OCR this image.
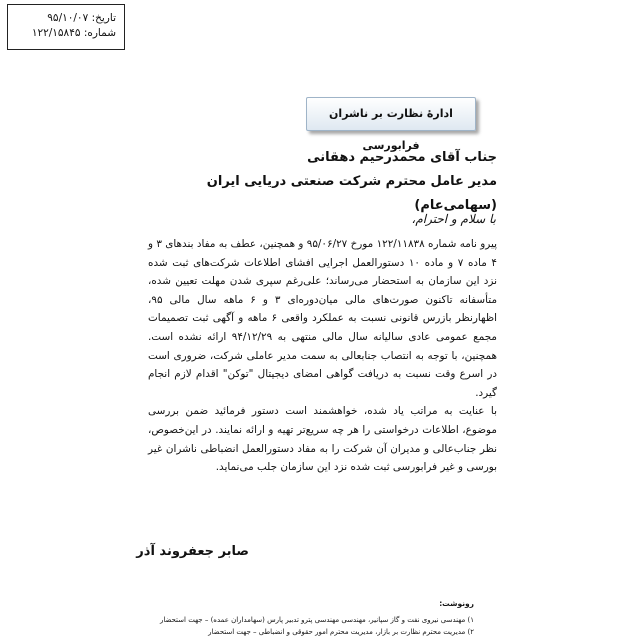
تاریخ: ۹۵/۱۰/۰۷
شماره: ۱۲۲/۱۵۸۴۵
ادارهٔ نظارت بر ناشران فرابورسی
جناب آقای محمدرحیم دهقانی
مدیر عامل محترم شرکت صنعتی دریایی ایران (سهامی‌عام)
با سلام و احترام،

پیرو نامه شماره ۱۲۲/۱۱۸۳۸ مورخ ۹۵/۰۶/۲۷ و همچنین، عطف به مفاد بندهای ۳ و ۴ ماده ۷ و ماده ۱۰ دستورالعمل اجرایی افشای اطلاعات شرکت‌های ثبت شده نزد این سازمان به استحضار می‌رساند؛ علی‌رغم سپری شدن مهلت تعیین شده، متأسفانه تاکنون صورت‌های مالی میان‌دوره‌ای ۳ و ۶ ماهه سال مالی ۹۵، اظهارنظر بازرس قانونی نسبت به عملکرد واقعی ۶ ماهه و آگهی ثبت تصمیمات مجمع عمومی عادی سالیانه سال مالی منتهی به ۹۴/۱۲/۲۹ ارائه نشده است. همچنین، با توجه به انتصاب جنابعالی به سمت مدیر عاملی شرکت، ضروری است در اسرع وقت نسبت به دریافت گواهی امضای دیجیتال "توکن" اقدام لازم انجام گیرد.

با عنایت به مراتب یاد شده، خواهشمند است دستور فرمائید ضمن بررسی موضوع، اطلاعات درخواستی را هر چه سریع‌تر تهیه و ارائه نمایند. در این‌خصوص، نظر جناب‌عالی و مدیران آن شرکت را به مفاد دستورالعمل انضباطی ناشران غیر بورسی و غیر فرابورسی ثبت شده نزد این سازمان جلب می‌نماید.

صابر جعفروند آذر
رونوشت:
۱) مهندسی نیروی نفت و گاز سپانیر، مهندسی مهندسی پترو تدبیر پارس (سهامداران عمده) – جهت استحضار
۲) مدیریت محترم نظارت بر بازار، مدیریت محترم امور حقوقی و انضباطی – جهت استحضار
